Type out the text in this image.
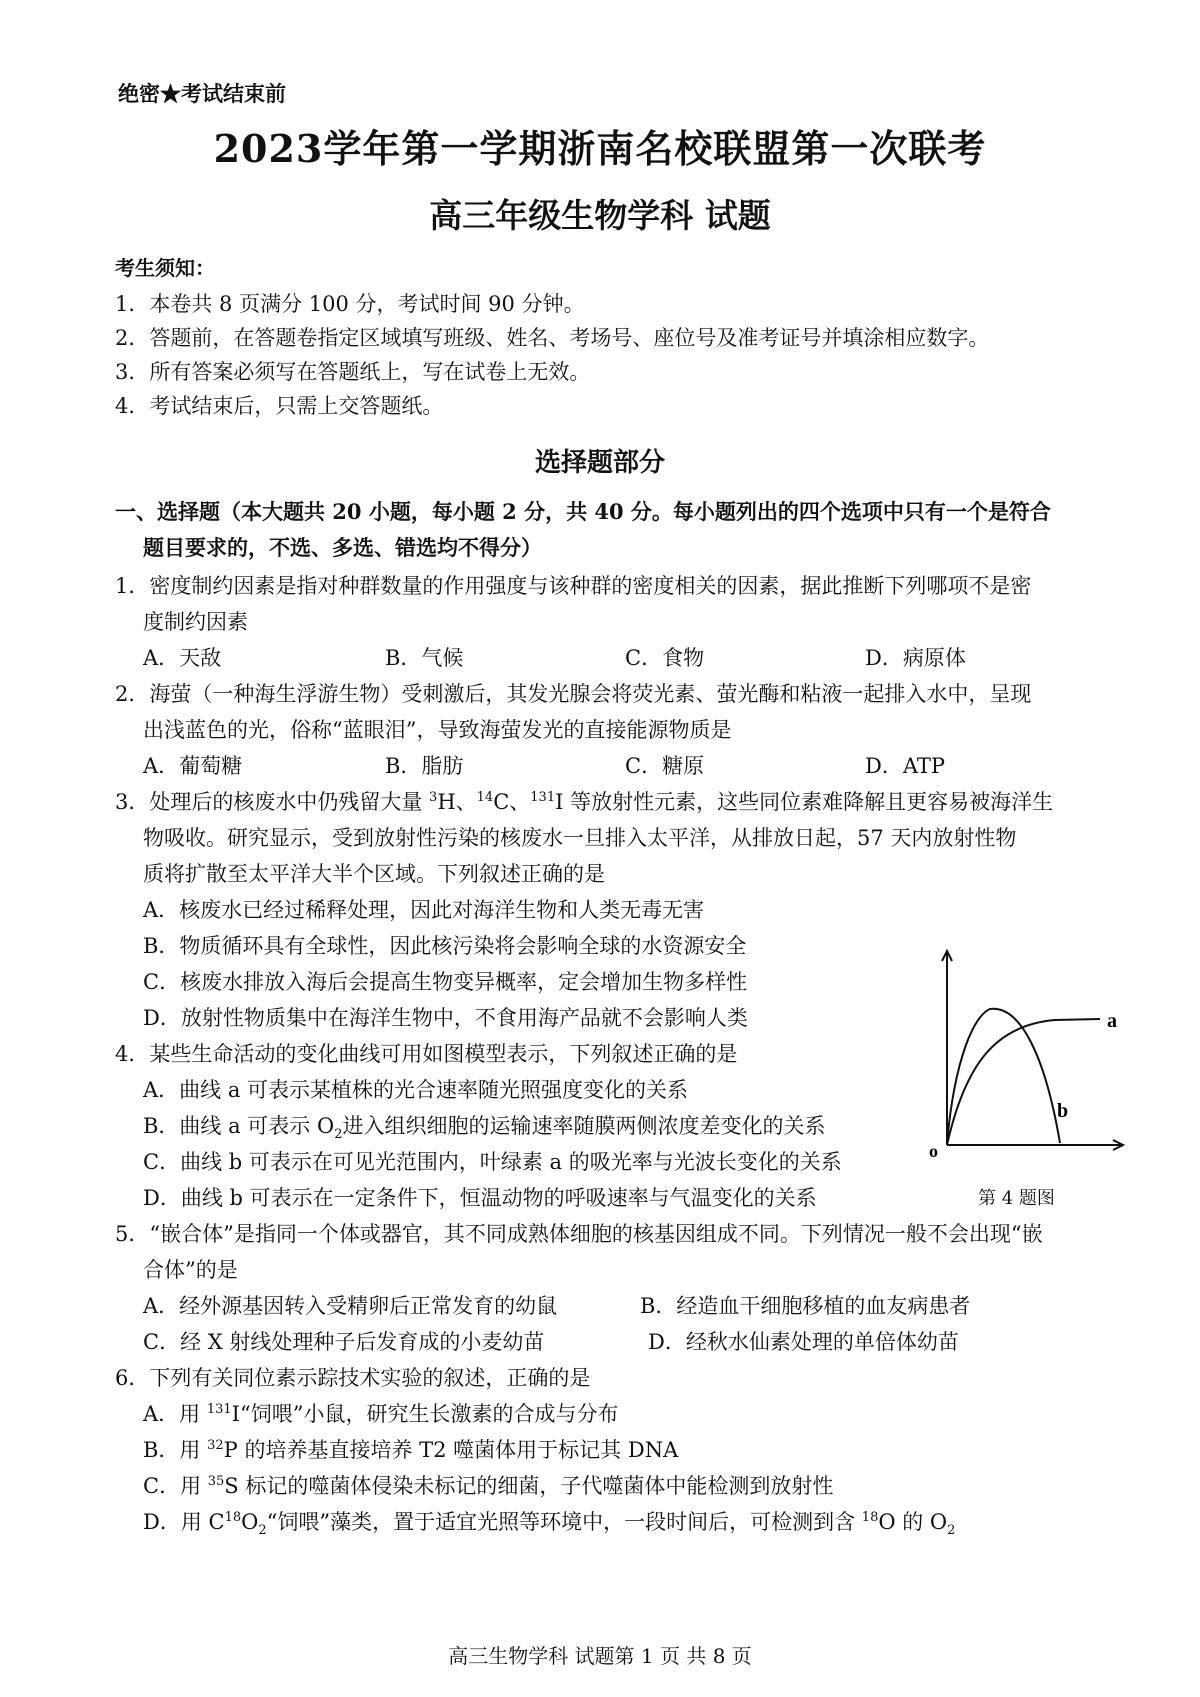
绝密★考试结束前
2023学年第一学期浙南名校联盟第一次联考
高三年级生物学科 试题
考生须知：
1．本卷共 8 页满分 100 分，考试时间 90 分钟。
2．答题前，在答题卷指定区域填写班级、姓名、考场号、座位号及准考证号并填涂相应数字。
3．所有答案必须写在答题纸上，写在试卷上无效。
4．考试结束后，只需上交答题纸。
选择题部分
一、选择题（本大题共 20 小题，每小题 2 分，共 40 分。每小题列出的四个选项中只有一个是符合
题目要求的，不选、多选、错选均不得分）
1．密度制约因素是指对种群数量的作用强度与该种群的密度相关的因素，据此推断下列哪项不是密
度制约因素
A．天敌	B．气候	C．食物	D．病原体
2．海萤（一种海生浮游生物）受刺激后，其发光腺会将荧光素、萤光酶和粘液一起排入水中，呈现
出浅蓝色的光，俗称“蓝眼泪”，导致海萤发光的直接能源物质是
A．葡萄糖	B．脂肪	C．糖原	D．ATP
3．处理后的核废水中仍残留大量 $^3$H、$^{14}$C、$^{131}$I 等放射性元素，这些同位素难降解且更容易被海洋生
物吸收。研究显示，受到放射性污染的核废水一旦排入太平洋，从排放日起，57 天内放射性物
质将扩散至太平洋大半个区域。下列叙述正确的是
A．核废水已经过稀释处理，因此对海洋生物和人类无毒无害
B．物质循环具有全球性，因此核污染将会影响全球的水资源安全
C．核废水排放入海后会提高生物变异概率，定会增加生物多样性
D．放射性物质集中在海洋生物中，不食用海产品就不会影响人类
4．某些生命活动的变化曲线可用如图模型表示，下列叙述正确的是
A．曲线 a 可表示某植株的光合速率随光照强度变化的关系
B．曲线 a 可表示 $O_2$进入组织细胞的运输速率随膜两侧浓度差变化的关系
C．曲线 b 可表示在可见光范围内，叶绿素 a 的吸光率与光波长变化的关系
D．曲线 b 可表示在一定条件下，恒温动物的呼吸速率与气温变化的关系
a
b
o
第 4 题图
5．“嵌合体”是指同一个体或器官，其不同成熟体细胞的核基因组成不同。下列情况一般不会出现“嵌
合体”的是
A．经外源基因转入受精卵后正常发育的幼鼠	B．经造血干细胞移植的血友病患者
C．经 X 射线处理种子后发育成的小麦幼苗	D．经秋水仙素处理的单倍体幼苗
6．下列有关同位素示踪技术实验的叙述，正确的是
A．用 $^{131}$I“饲喂”小鼠，研究生长激素的合成与分布
B．用 $^{32}$P 的培养基直接培养 T2 噬菌体用于标记其 DNA
C．用 $^{35}$S 标记的噬菌体侵染未标记的细菌，子代噬菌体中能检测到放射性
D．用 $C^{18}O_2“$饲喂”藻类，置于适宜光照等环境中，一段时间后，可检测到含 $^{18}$O 的 $O_2$
高三生物学科 试题第 1 页 共 8 页
